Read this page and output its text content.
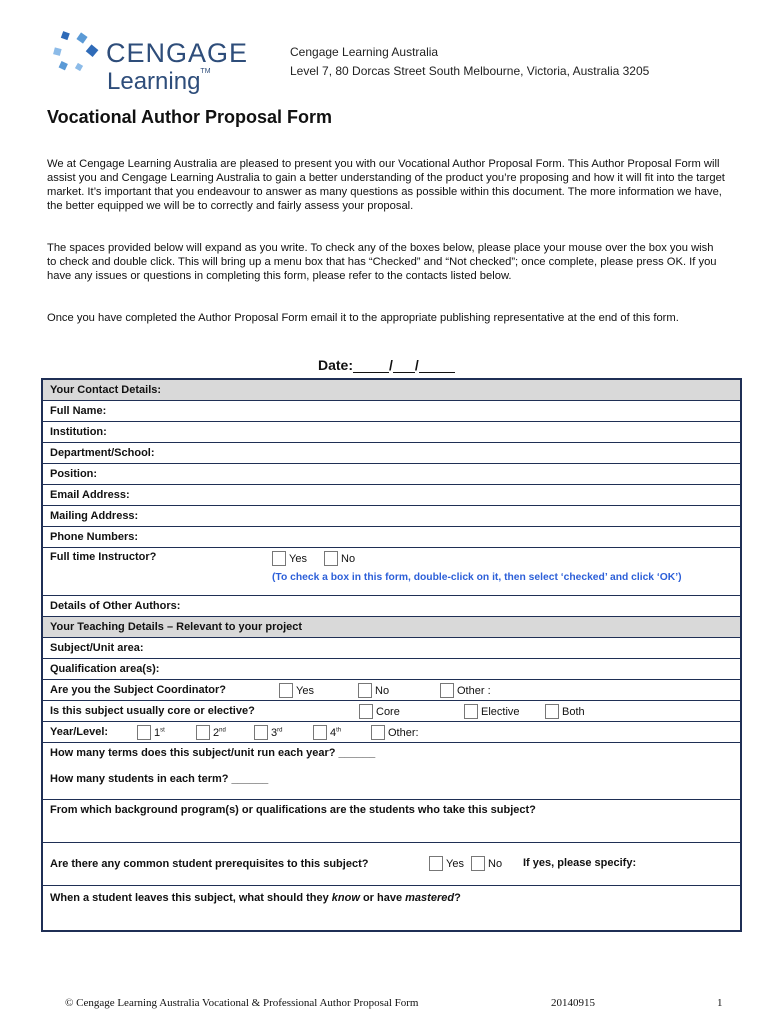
CENGAGE
Learning™
Cengage Learning Australia
Level 7, 80 Dorcas Street South Melbourne, Victoria, Australia 3205
Vocational Author Proposal Form

We at Cengage Learning Australia are pleased to present you with our Vocational Author Proposal Form. This Author Proposal Form will assist you and Cengage Learning Australia to gain a better understanding of the product you’re proposing and how it will fit into the target market. It’s important that you endeavour to answer as many questions as possible within this document. The more information we have, the better equipped we will be to correctly and fairly assess your proposal.

The spaces provided below will expand as you write. To check any of the boxes below, please place your mouse over the box you wish to check and double click. This will bring up a menu box that has “Checked” and “Not checked”; once complete, please press OK. If you have any issues or questions in completing this form, please refer to the contacts listed below.

Once you have completed the Author Proposal Form email it to the appropriate publishing representative at the end of this form.

Date:	/ /
Your Contact Details:
Full Name:
Institution:
Department/School:
Position:
Email Address:
Mailing Address:
Phone Numbers:
Full time Instructor?	Yes	No
(To check a box in this form, double-click on it, then select ‘checked’ and click ‘OK’)

Details of Other Authors:
Your Teaching Details – Relevant to your project
Subject/Unit area:
Qualification area(s):
Are you the Subject Coordinator?	Yes	No	Other :

Is this subject usually core or elective?	Core	Elective	Both

Year/Level:	1st	2nd	3rd	4th	Other:

How many terms does this subject/unit run each year? ______
How many students in each term? ______

From which background program(s) or qualifications are the students who take this subject?
Are there any common student prerequisites to this subject?	Yes	No If yes, please specify:

When a student leaves this subject, what should they know or have mastered?
© Cengage Learning Australia Vocational & Professional Author Proposal Form	20140915	1
